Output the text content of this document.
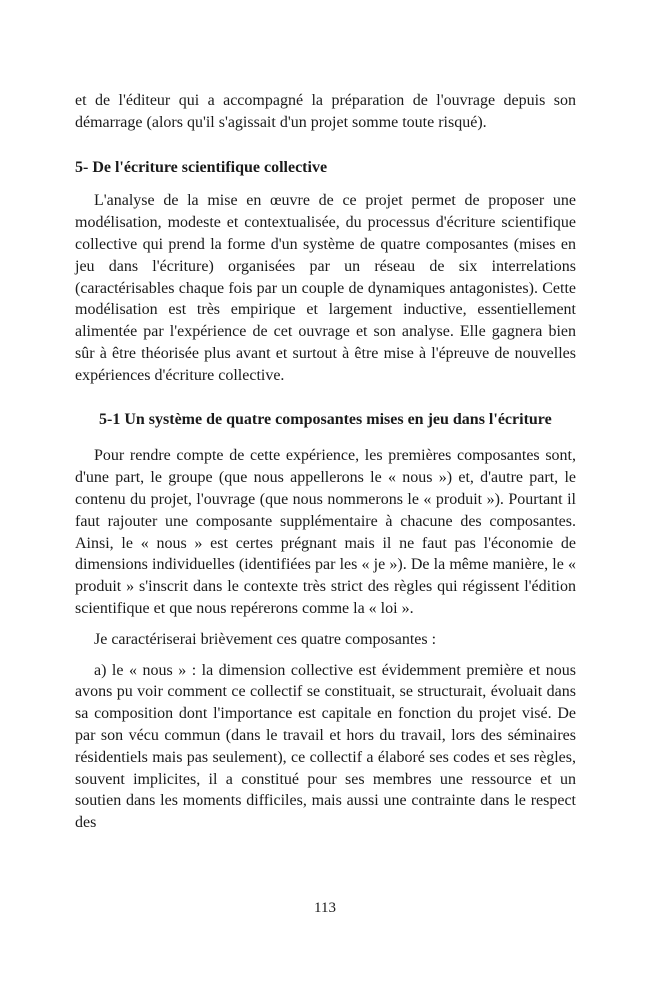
et de l'éditeur qui a accompagné la préparation de l'ouvrage depuis son démarrage (alors qu'il s'agissait d'un projet somme toute risqué).

5- De l'écriture scientifique collective

L'analyse de la mise en œuvre de ce projet permet de proposer une modélisation, modeste et contextualisée, du processus d'écriture scientifique collective qui prend la forme d'un système de quatre composantes (mises en jeu dans l'écriture) organisées par un réseau de six interrelations (caractérisables chaque fois par un couple de dynamiques antagonistes). Cette modélisation est très empirique et largement inductive, essentiellement alimentée par l'expérience de cet ouvrage et son analyse. Elle gagnera bien sûr à être théorisée plus avant et surtout à être mise à l'épreuve de nouvelles expériences d'écriture collective.

5-1 Un système de quatre composantes mises en jeu dans l'écriture

Pour rendre compte de cette expérience, les premières composantes sont, d'une part, le groupe (que nous appellerons le « nous ») et, d'autre part, le contenu du projet, l'ouvrage (que nous nommerons le « produit »). Pourtant il faut rajouter une composante supplémentaire à chacune des composantes. Ainsi, le « nous » est certes prégnant mais il ne faut pas l'économie de dimensions individuelles (identifiées par les « je »). De la même manière, le « produit » s'inscrit dans le contexte très strict des règles qui régissent l'édition scientifique et que nous repérerons comme la « loi ».

Je caractériserai brièvement ces quatre composantes :

a) le « nous » : la dimension collective est évidemment première et nous avons pu voir comment ce collectif se constituait, se structurait, évoluait dans sa composition dont l'importance est capitale en fonction du projet visé. De par son vécu commun (dans le travail et hors du travail, lors des séminaires résidentiels mais pas seulement), ce collectif a élaboré ses codes et ses règles, souvent implicites, il a constitué pour ses membres une ressource et un soutien dans les moments difficiles, mais aussi une contrainte dans le respect des

113
